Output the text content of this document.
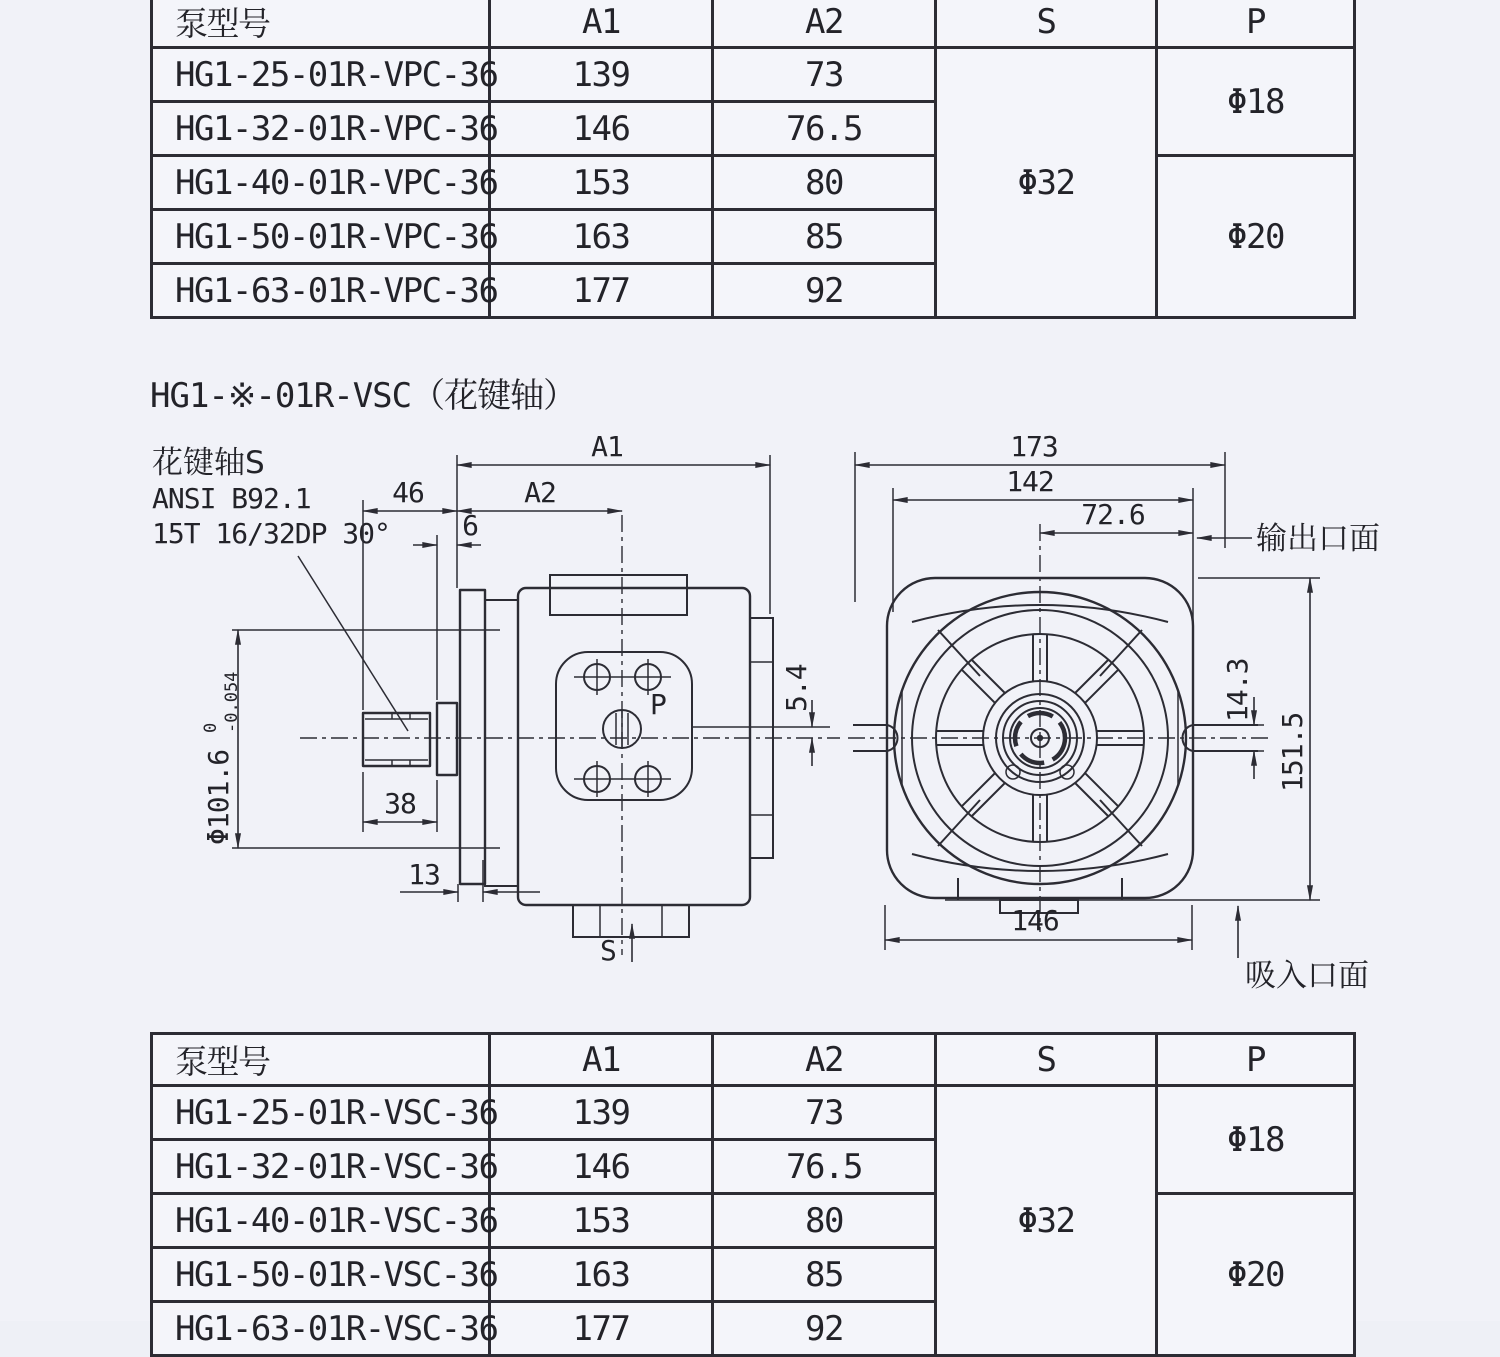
泵型号	A1	A2	S	P
HG1-25-01R-VPC-36	139	73	Φ32	Φ18
HG1-32-01R-VPC-36	146	76.5		
HG1-40-01R-VPC-36	153	80		Φ20
HG1-50-01R-VPC-36	163	85		
HG1-63-01R-VPC-36	177	92		
HG1-※-01R-VSC（花键轴）
花键轴S
ANSI B92.1
15T 16/32DP 30°
P
A1
A2
46
6
Φ101.6
0 -0.054
38
13
5.4
S
173
142
72.6
输出口面
14.3
151.5
146
吸入口面
泵型号	A1	A2	S	P
HG1-25-01R-VSC-36	139	73	Φ32	Φ18
HG1-32-01R-VSC-36	146	76.5		
HG1-40-01R-VSC-36	153	80		Φ20
HG1-50-01R-VSC-36	163	85		
HG1-63-01R-VSC-36	177	92		
